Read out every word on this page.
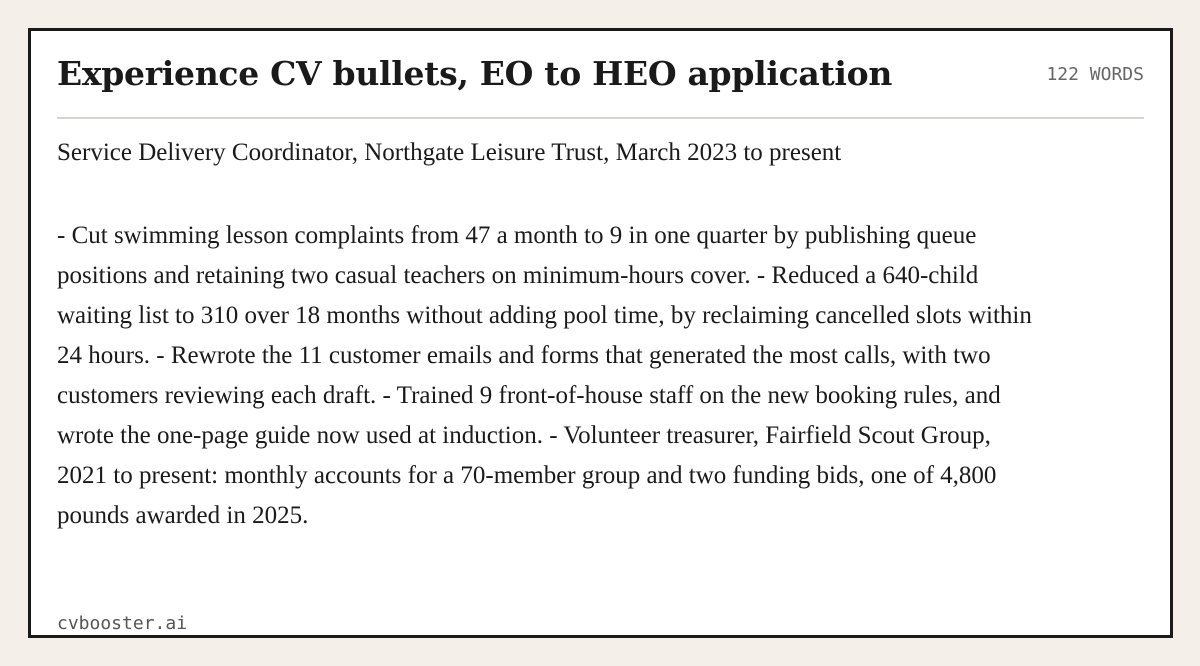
Experience CV bullets, EO to HEO application	122 WORDS

Service Delivery Coordinator, Northgate Leisure Trust, March 2023 to present

- Cut swimming lesson complaints from 47 a month to 9 in one quarter by publishing queue positions and retaining two casual teachers on minimum-hours cover. - Reduced a 640-child waiting list to 310 over 18 months without adding pool time, by reclaiming cancelled slots within 24 hours. - Rewrote the 11 customer emails and forms that generated the most calls, with two customers reviewing each draft. - Trained 9 front-of-house staff on the new booking rules, and wrote the one-page guide now used at induction. - Volunteer treasurer, Fairfield Scout Group, 2021 to present: monthly accounts for a 70-member group and two funding bids, one of 4,800 pounds awarded in 2025.

cvbooster.ai
